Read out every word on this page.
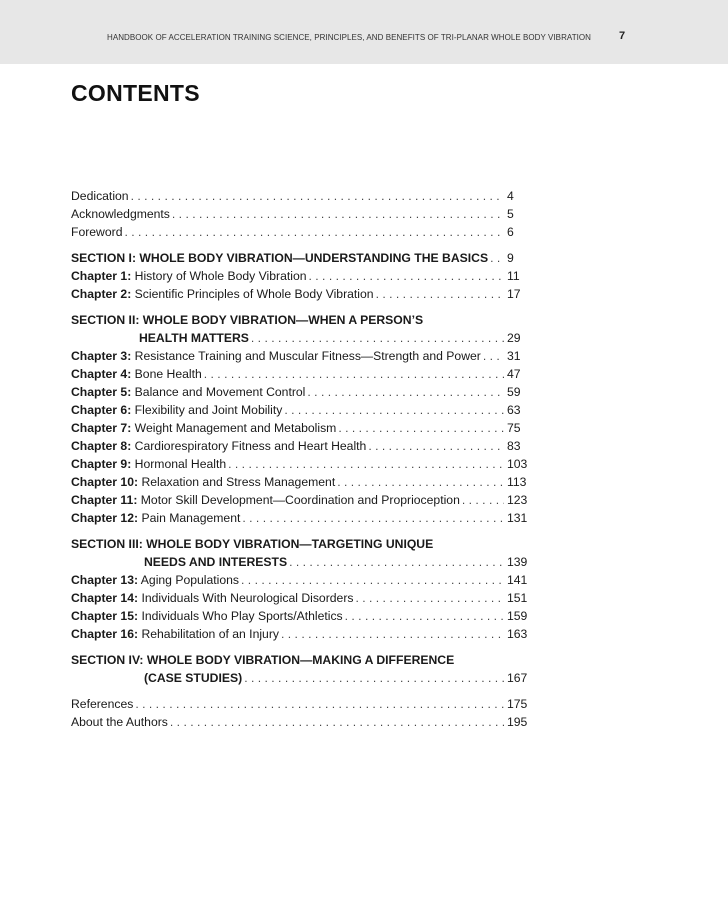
HANDBOOK OF ACCELERATION TRAINING SCIENCE, PRINCIPLES, AND BENEFITS OF TRI-PLANAR WHOLE BODY VIBRATION	7
CONTENTS
Dedication . . .	4
Acknowledgments . . .	5
Foreword . . .	6
SECTION I: WHOLE BODY VIBRATION—UNDERSTANDING THE BASICS . . . 9
Chapter 1: History of Whole Body Vibration . . .	11
Chapter 2: Scientific Principles of Whole Body Vibration . . .	17
SECTION II: WHOLE BODY VIBRATION—WHEN A PERSON’S
HEALTH MATTERS . . .	29
Chapter 3: Resistance Training and Muscular Fitness—Strength and Power . . . 31
Chapter 4: Bone Health . . .	47
Chapter 5: Balance and Movement Control . . .	59
Chapter 6: Flexibility and Joint Mobility . . .	63
Chapter 7: Weight Management and Metabolism . . .	75
Chapter 8: Cardiorespiratory Fitness and Heart Health . . .	83
Chapter 9: Hormonal Health . . .	103
Chapter 10: Relaxation and Stress Management . . .	113
Chapter 11: Motor Skill Development—Coordination and Proprioception . . .	123
Chapter 12: Pain Management . . .	131
SECTION III: WHOLE BODY VIBRATION—TARGETING UNIQUE
NEEDS AND INTERESTS . . .	139
Chapter 13: Aging Populations . . .	141
Chapter 14: Individuals With Neurological Disorders . . .	151
Chapter 15: Individuals Who Play Sports/Athletics . . .	159
Chapter 16: Rehabilitation of an Injury . . .	163
SECTION IV: WHOLE BODY VIBRATION—MAKING A DIFFERENCE
(CASE STUDIES) . . .	167
References . . .	175
About the Authors . . .	195
